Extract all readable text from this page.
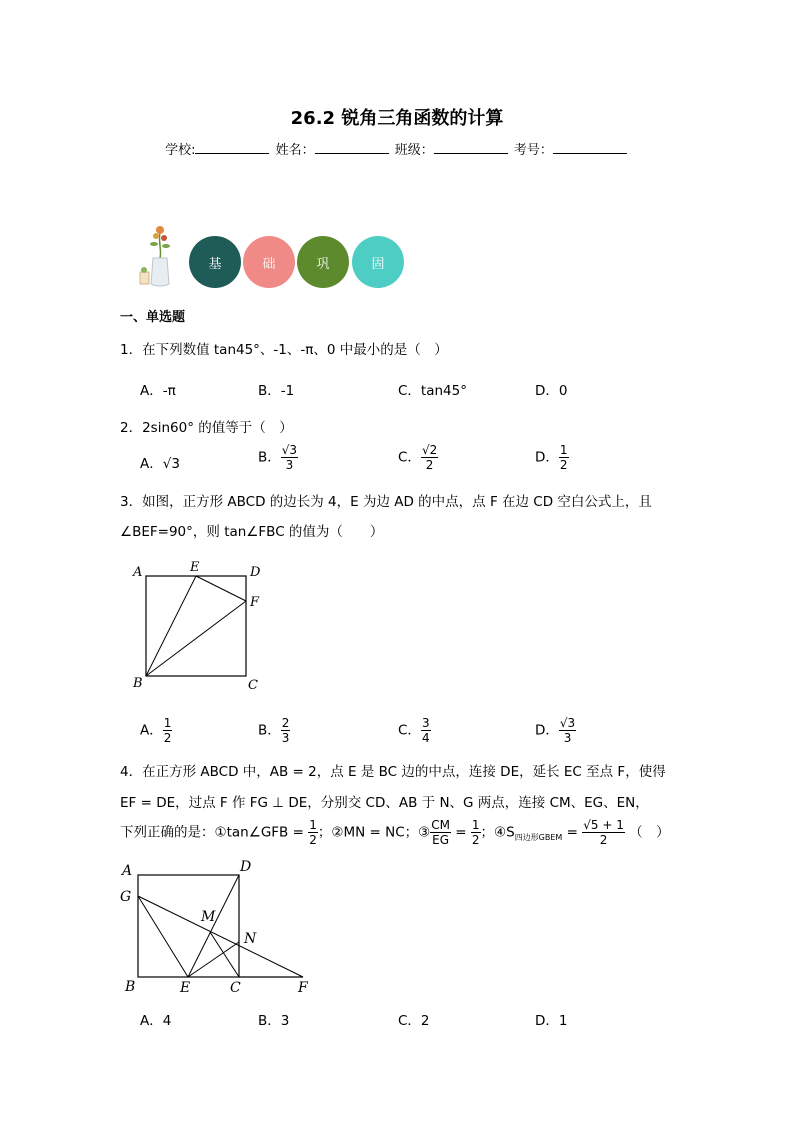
26.2 锐角三角函数的计算
学校:	姓名：	班级：	考号：
基	础	巩	固
一、单选题
1．在下列数值 tan45°、-1、-π、0 中最小的是（　）
A．-π	B．-1	C．tan45°	D．0
2．2sin60° 的值等于（　）
A．√3	B． $\frac{√3}{3}$	C． $\frac{√2}{2}$	D． $\frac{1}{2}$
3．如图，正方形 ABCD 的边长为 4，E 为边 AD 的中点，点 F 在边 CD 空白公式上，且
∠BEF=90°，则 tan∠FBC 的值为（　　）
A	E	D
F
B	C
A． $\frac{1}{2}$	B． $\frac{2}{3}$	C． $\frac{3}{4}$	D． $\frac{√3}{3}$
4．在正方形 ABCD 中，AB = 2，点 E 是 BC 边的中点，连接 DE，延长 EC 至点 F，使得
EF = DE，过点 F 作 FG ⊥ DE，分别交 CD、AB 于 N、G 两点，连接 CM、EG、EN，
下列正确的是：①tan∠GFB = $\frac{1}{2}$ ；②MN = NC；③ $\frac{CM}{EG} = \frac{1}{2}$ ；$④S_{四边形GBEM} = \frac{√5 + 1}{2}$ （　）
A	D
G
M
N
B	E	C	F
A．4	B．3	C．2	D．1
